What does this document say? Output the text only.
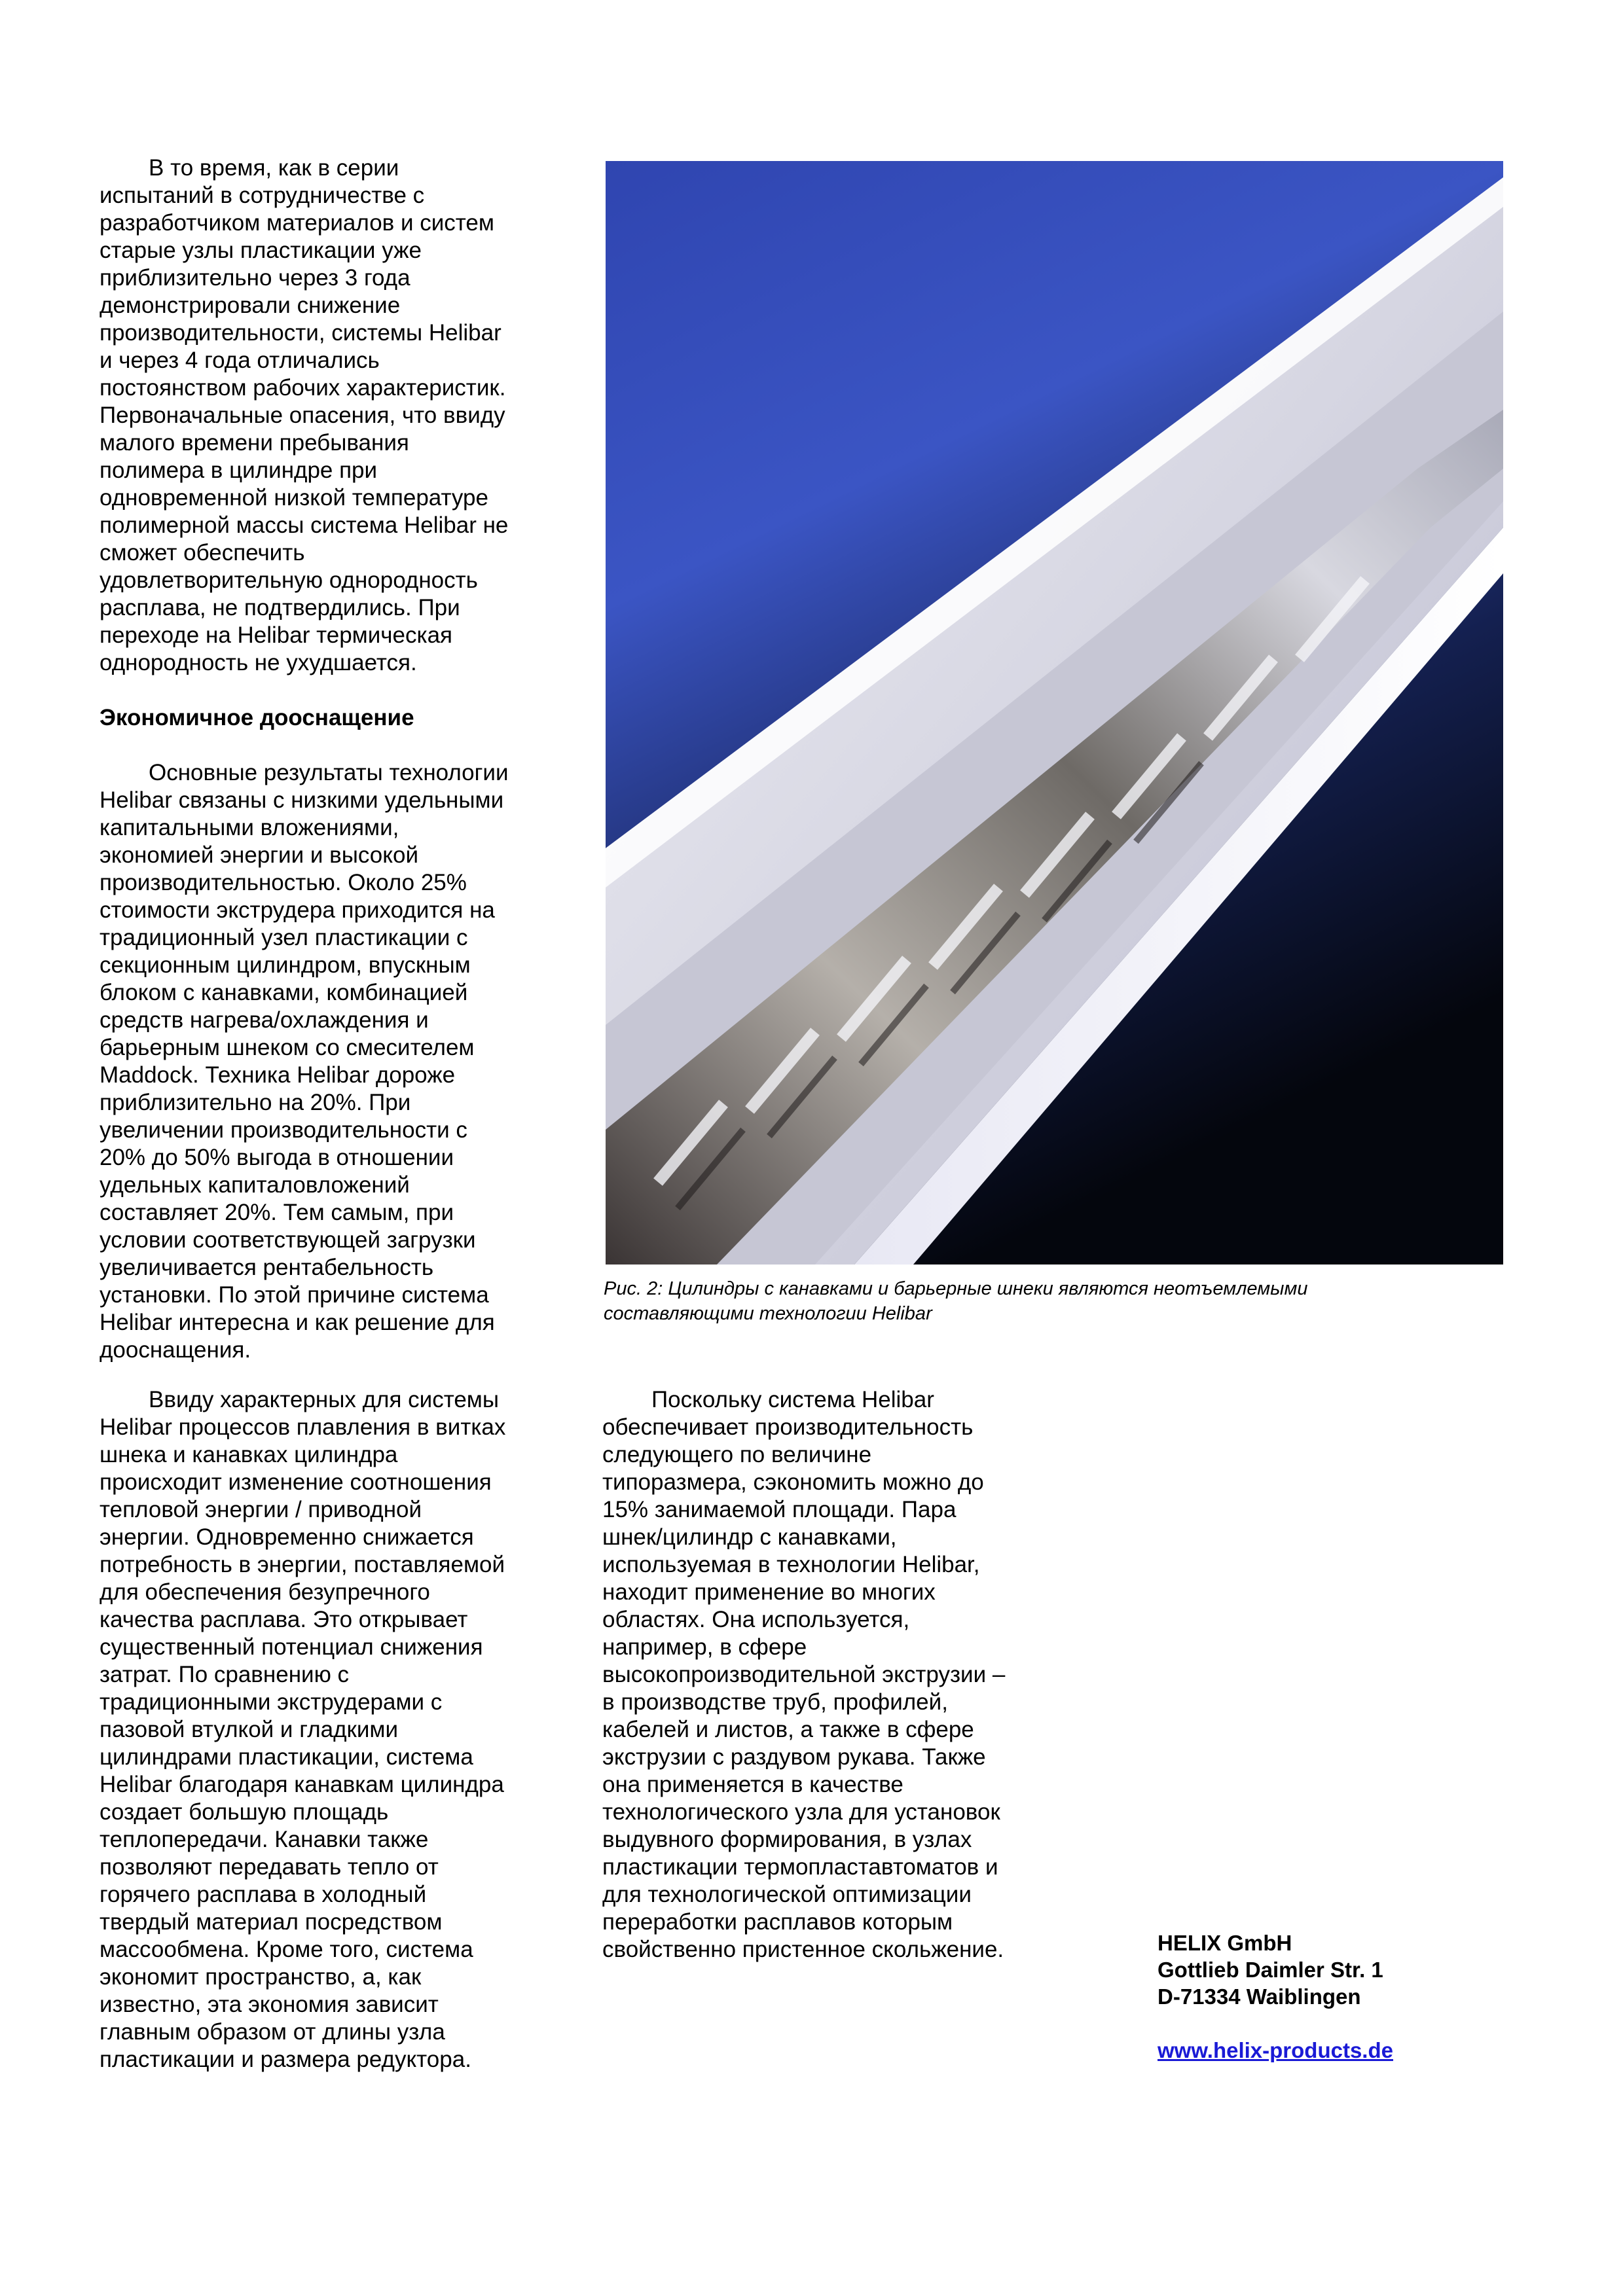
В то время, как в серии
испытаний в сотрудничестве с
разработчиком материалов и систем
старые узлы пластикации уже
приблизительно через 3 года
демонстрировали снижение
производительности, системы Helibar
и через 4 года отличались
постоянством рабочих характеристик.
Первоначальные опасения, что ввиду
малого времени пребывания
полимера в цилиндре при
одновременной низкой температуре
полимерной массы система Helibar не
сможет обеспечить
удовлетворительную однородность
расплава, не подтвердились. При
переходе на Helibar термическая
однородность не ухудшается.
Экономичное дооснащение
Основные результаты технологии
Helibar связаны с низкими удельными
капитальными вложениями,
экономией энергии и высокой
производительностью. Около 25%
стоимости экструдера приходится на
традиционный узел пластикации с
секционным цилиндром, впускным
блоком с канавками, комбинацией
средств нагрева/охлаждения и
барьерным шнеком со смесителем
Maddock. Техника Helibar дороже
приблизительно на 20%. При
увеличении производительности с
20% до 50% выгода в отношении
удельных капиталовложений
составляет 20%. Тем самым, при
условии соответствующей загрузки
увеличивается рентабельность
установки. По этой причине система
Helibar интересна и как решение для
дооснащения.
Рис. 2: Цилиндры с канавками и барьерные шнеки являются неотъемлемыми
составляющими технологии Helibar
Ввиду характерных для системы
Helibar процессов плавления в витках
шнека и канавках цилиндра
происходит изменение соотношения
тепловой энергии / приводной
энергии. Одновременно снижается
потребность в энергии, поставляемой
для обеспечения безупречного
качества расплава. Это открывает
существенный потенциал снижения
затрат. По сравнению с
традиционными экструдерами с
пазовой втулкой и гладкими
цилиндрами пластикации, система
Helibar благодаря канавкам цилиндра
создает большую площадь
теплопередачи. Канавки также
позволяют передавать тепло от
горячего расплава в холодный
твердый материал посредством
массообмена. Кроме того, система
экономит пространство, а, как
известно, эта экономия зависит
главным образом от длины узла
пластикации и размера редуктора.
Поскольку система Helibar
обеспечивает производительность
следующего по величине
типоразмера, сэкономить можно до
15% занимаемой площади. Пара
шнек/цилиндр с канавками,
используемая в технологии Helibar,
находит применение во многих
областях. Она используется,
например, в сфере
высокопроизводительной экструзии –
в производстве труб, профилей,
кабелей и листов, а также в сфере
экструзии с раздувом рукава. Также
она применяется в качестве
технологического узла для установок
выдувного формирования, в узлах
пластикации термопластавтоматов и
для технологической оптимизации
переработки расплавов которым
свойственно пристенное скольжение.	HELIX GmbH
Gottlieb Daimler Str. 1
D-71334 Waiblingen
www.helix-products.de
